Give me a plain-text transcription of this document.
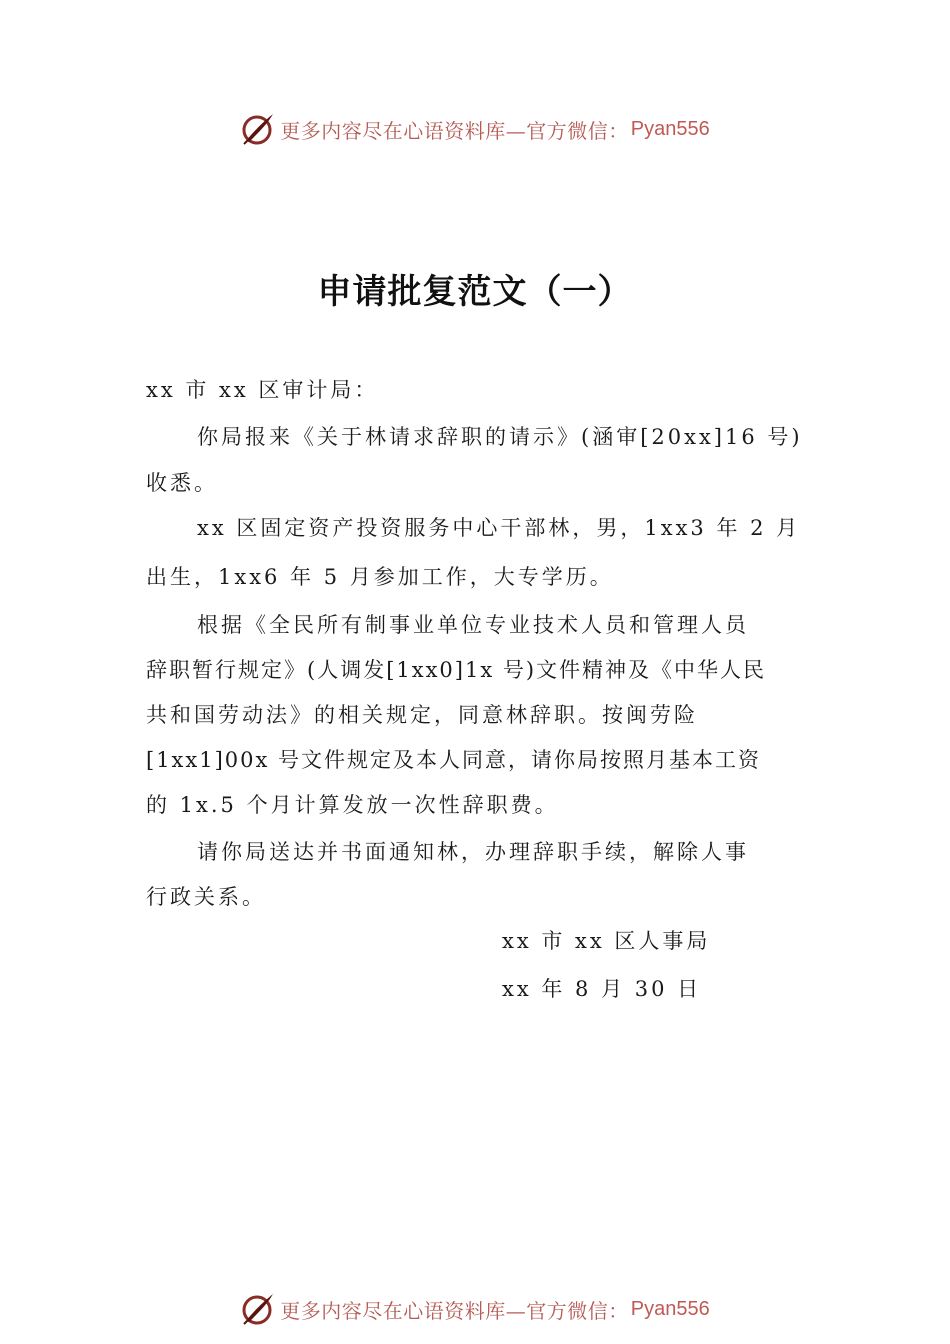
更多内容尽在心语资料库—官方微信： Pyan556
申请批复范文（一）
xx 市 xx 区审计局：
你局报来《关于林请求辞职的请示》(涵审[20xx]16 号)
收悉。
xx 区固定资产投资服务中心干部林，男，1xx3 年 2 月
出生，1xx6 年 5 月参加工作，大专学历。
根据《全民所有制事业单位专业技术人员和管理人员
辞职暂行规定》(人调发[1xx0]1x 号)文件精神及《中华人民
共和国劳动法》的相关规定，同意林辞职。按闽劳险
[1xx1]00x 号文件规定及本人同意，请你局按照月基本工资
的 1x.5 个月计算发放一次性辞职费。
请你局送达并书面通知林，办理辞职手续，解除人事
行政关系。
xx 市 xx 区人事局
xx 年 8 月 30 日
更多内容尽在心语资料库—官方微信： Pyan556
